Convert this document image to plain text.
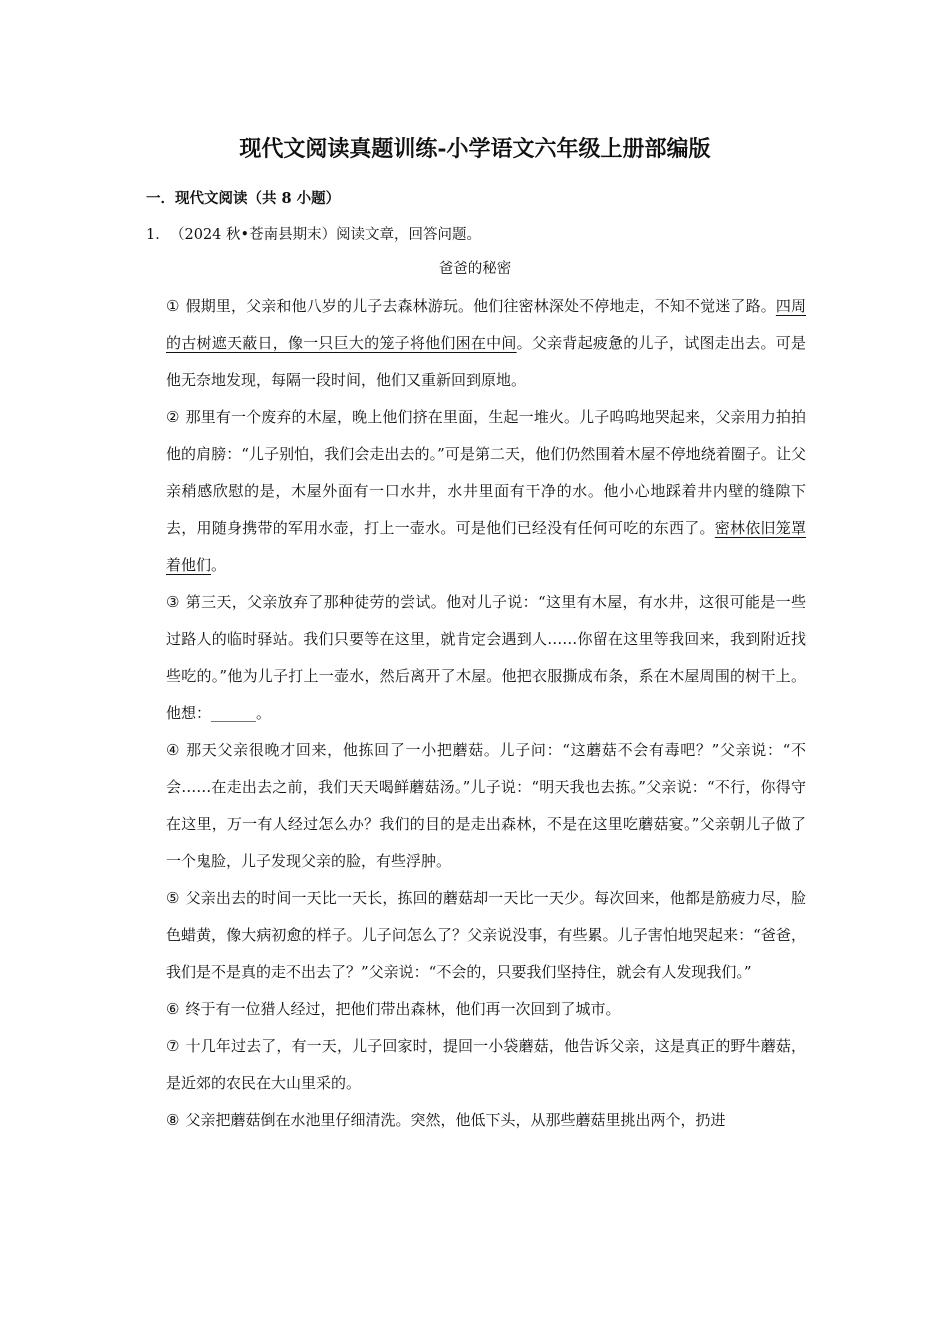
现代文阅读真题训练-小学语文六年级上册部编版
一．现代文阅读（共 8 小题）
1．（2024 秋•苍南县期末）阅读文章，回答问题。
爸爸的秘密

① 假期里，父亲和他八岁的儿子去森林游玩。他们往密林深处不停地走，不知不觉迷了路。四周的古树遮天蔽日，像一只巨大的笼子将他们困在中间。父亲背起疲惫的儿子，试图走出去。可是他无奈地发现，每隔一段时间，他们又重新回到原地。

② 那里有一个废弃的木屋，晚上他们挤在里面，生起一堆火。儿子呜呜地哭起来，父亲用力拍拍他的肩膀：“儿子别怕，我们会走出去的。”可是第二天，他们仍然围着木屋不停地绕着圈子。让父亲稍感欣慰的是，木屋外面有一口水井，水井里面有干净的水。他小心地踩着井内壁的缝隙下去，用随身携带的军用水壶，打上一壶水。可是他们已经没有任何可吃的东西了。密林依旧笼罩着他们。

③ 第三天，父亲放弃了那种徒劳的尝试。他对儿子说：“这里有木屋，有水井，这很可能是一些过路人的临时驿站。我们只要等在这里，就肯定会遇到人……你留在这里等我回来，我到附近找些吃的。”他为儿子打上一壶水，然后离开了木屋。他把衣服撕成布条，系在木屋周围的树干上。他想：______。

④ 那天父亲很晚才回来，他拣回了一小把蘑菇。儿子问：“这蘑菇不会有毒吧？”父亲说：“不会……在走出去之前，我们天天喝鲜蘑菇汤。”儿子说：“明天我也去拣。”父亲说：“不行，你得守在这里，万一有人经过怎么办？我们的目的是走出森林，不是在这里吃蘑菇宴。”父亲朝儿子做了一个鬼脸，儿子发现父亲的脸，有些浮肿。

⑤ 父亲出去的时间一天比一天长，拣回的蘑菇却一天比一天少。每次回来，他都是筋疲力尽，脸色蜡黄，像大病初愈的样子。儿子问怎么了？父亲说没事，有些累。儿子害怕地哭起来：“爸爸，我们是不是真的走不出去了？”父亲说：“不会的，只要我们坚持住，就会有人发现我们。”

⑥ 终于有一位猎人经过，把他们带出森林，他们再一次回到了城市。

⑦ 十几年过去了，有一天，儿子回家时，提回一小袋蘑菇，他告诉父亲，这是真正的野牛蘑菇，是近郊的农民在大山里采的。

⑧ 父亲把蘑菇倒在水池里仔细清洗。突然，他低下头，从那些蘑菇里挑出两个，扔进
